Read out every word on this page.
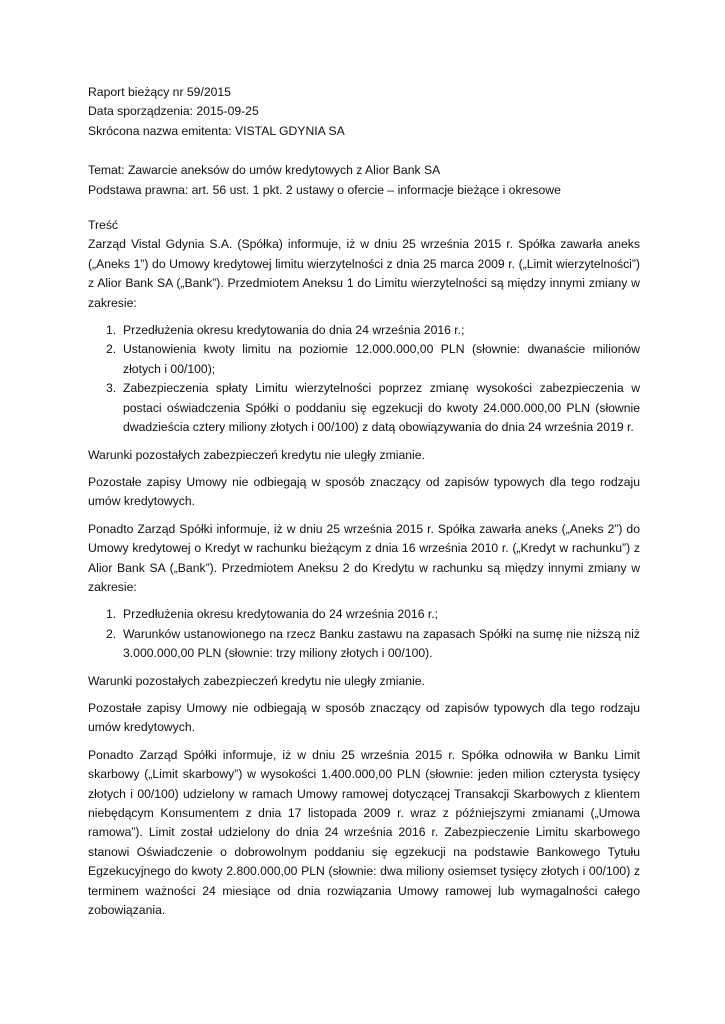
Raport bieżący nr 59/2015
Data sporządzenia: 2015-09-25
Skrócona nazwa emitenta: VISTAL GDYNIA SA
Temat: Zawarcie aneksów do umów kredytowych z Alior Bank SA
Podstawa prawna: art. 56 ust. 1 pkt. 2 ustawy o ofercie – informacje bieżące i okresowe
Treść

Zarząd Vistal Gdynia S.A. (Spółka) informuje, iż w dniu 25 września 2015 r. Spółka zawarła aneks („Aneks 1”) do Umowy kredytowej limitu wierzytelności z dnia 25 marca 2009 r. („Limit wierzytelności”) z Alior Bank SA („Bank”). Przedmiotem Aneksu 1 do Limitu wierzytelności są między innymi zmiany w zakresie:

1. Przedłużenia okresu kredytowania do dnia 24 września 2016 r.;
2. Ustanowienia kwoty limitu na poziomie 12.000.000,00 PLN (słownie: dwanaście milionów złotych i 00/100);
3. Zabezpieczenia spłaty Limitu wierzytelności poprzez zmianę wysokości zabezpieczenia w postaci oświadczenia Spółki o poddaniu się egzekucji do kwoty 24.000.000,00 PLN (słownie dwadzieścia cztery miliony złotych i 00/100) z datą obowiązywania do dnia 24 września 2019 r.

Warunki pozostałych zabezpieczeń kredytu nie uległy zmianie.

Pozostałe zapisy Umowy nie odbiegają w sposób znaczący od zapisów typowych dla tego rodzaju umów kredytowych.

Ponadto Zarząd Spółki informuje, iż w dniu 25 września 2015 r. Spółka zawarła aneks („Aneks 2”) do Umowy kredytowej o Kredyt w rachunku bieżącym z dnia 16 września 2010 r. („Kredyt w rachunku”) z Alior Bank SA („Bank”). Przedmiotem Aneksu 2 do Kredytu w rachunku są między innymi zmiany w zakresie:

1. Przedłużenia okresu kredytowania do 24 września 2016 r.;
2. Warunków ustanowionego na rzecz Banku zastawu na zapasach Spółki na sumę nie niższą niż 3.000.000,00 PLN (słownie: trzy miliony złotych i 00/100).

Warunki pozostałych zabezpieczeń kredytu nie uległy zmianie.

Pozostałe zapisy Umowy nie odbiegają w sposób znaczący od zapisów typowych dla tego rodzaju umów kredytowych.

Ponadto Zarząd Spółki informuje, iż w dniu 25 września 2015 r. Spółka odnowiła w Banku Limit skarbowy („Limit skarbowy”) w wysokości 1.400.000,00 PLN (słownie: jeden milion czterysta tysięcy złotych i 00/100) udzielony w ramach Umowy ramowej dotyczącej Transakcji Skarbowych z klientem niebędącym Konsumentem z dnia 17 listopada 2009 r. wraz z późniejszymi zmianami („Umowa ramowa”). Limit został udzielony do dnia 24 września 2016 r. Zabezpieczenie Limitu skarbowego stanowi Oświadczenie o dobrowolnym poddaniu się egzekucji na podstawie Bankowego Tytułu Egzekucyjnego do kwoty 2.800.000,00 PLN (słownie: dwa miliony osiemset tysięcy złotych i 00/100) z terminem ważności 24 miesiące od dnia rozwiązania Umowy ramowej lub wymagalności całego zobowiązania.
